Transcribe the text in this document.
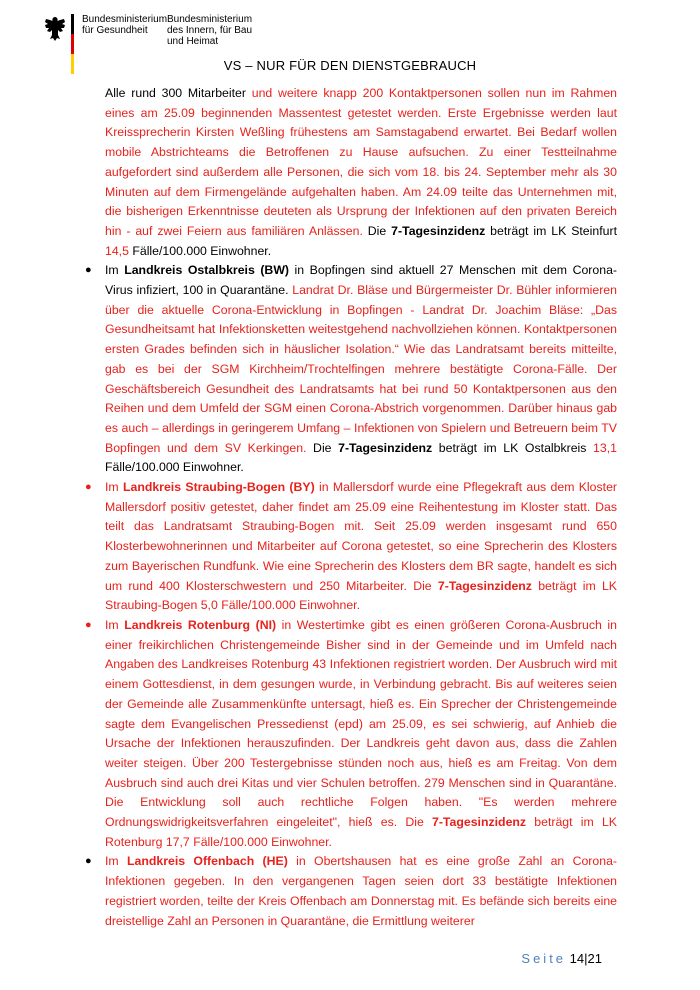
Bundesministerium
für Gesundheit
Bundesministerium
des Innern, für Bau
und Heimat
VS – NUR FÜR DEN DIENSTGEBRAUCH

Alle rund 300 Mitarbeiter und weitere knapp 200 Kontaktpersonen sollen nun im Rahmen eines am 25.09 beginnenden Massentest getestet werden. Erste Ergebnisse werden laut Kreissprecherin Kirsten Weßling frühestens am Samstagabend erwartet. Bei Bedarf wollen mobile Abstrichteams die Betroffenen zu Hause aufsuchen. Zu einer Testteilnahme aufgefordert sind außerdem alle Personen, die sich vom 18. bis 24. September mehr als 30 Minuten auf dem Firmengelände aufgehalten haben. Am 24.09 teilte das Unternehmen mit, die bisherigen Erkenntnisse deuteten als Ursprung der Infektionen auf den privaten Bereich hin - auf zwei Feiern aus familiären Anlässen. Die 7-Tagesinzidenz beträgt im LK Steinfurt 14,5 Fälle/100.000 Einwohner.

● Im Landkreis Ostalbkreis (BW) in Bopfingen sind aktuell 27 Menschen mit dem Corona-Virus infiziert, 100 in Quarantäne. Landrat Dr. Bläse und Bürgermeister Dr. Bühler informieren über die aktuelle Corona-Entwicklung in Bopfingen - Landrat Dr. Joachim Bläse: „Das Gesundheitsamt hat Infektionsketten weitestgehend nachvollziehen können. Kontaktpersonen ersten Grades befinden sich in häuslicher Isolation.“ Wie das Landratsamt bereits mitteilte, gab es bei der SGM Kirchheim/Trochtelfingen mehrere bestätigte Corona-Fälle. Der Geschäftsbereich Gesundheit des Landratsamts hat bei rund 50 Kontaktpersonen aus den Reihen und dem Umfeld der SGM einen Corona-Abstrich vorgenommen. Darüber hinaus gab es auch – allerdings in geringerem Umfang – Infektionen von Spielern und Betreuern beim TV Bopfingen und dem SV Kerkingen. Die 7-Tagesinzidenz beträgt im LK Ostalbkreis 13,1 Fälle/100.000 Einwohner.
● Im Landkreis Straubing-Bogen (BY) in Mallersdorf wurde eine Pflegekraft aus dem Kloster Mallersdorf positiv getestet, daher findet am 25.09 eine Reihentestung im Kloster statt. Das teilt das Landratsamt Straubing-Bogen mit. Seit 25.09 werden insgesamt rund 650 Klosterbewohnerinnen und Mitarbeiter auf Corona getestet, so eine Sprecherin des Klosters zum Bayerischen Rundfunk. Wie eine Sprecherin des Klosters dem BR sagte, handelt es sich um rund 400 Klosterschwestern und 250 Mitarbeiter. Die 7-Tagesinzidenz beträgt im LK Straubing-Bogen 5,0 Fälle/100.000 Einwohner.
● Im Landkreis Rotenburg (NI) in Westertimke gibt es einen größeren Corona-Ausbruch in einer freikirchlichen Christengemeinde Bisher sind in der Gemeinde und im Umfeld nach Angaben des Landkreises Rotenburg 43 Infektionen registriert worden. Der Ausbruch wird mit einem Gottesdienst, in dem gesungen wurde, in Verbindung gebracht. Bis auf weiteres seien der Gemeinde alle Zusammenkünfte untersagt, hieß es. Ein Sprecher der Christengemeinde sagte dem Evangelischen Pressedienst (epd) am 25.09, es sei schwierig, auf Anhieb die Ursache der Infektionen herauszufinden. Der Landkreis geht davon aus, dass die Zahlen weiter steigen. Über 200 Testergebnisse stünden noch aus, hieß es am Freitag. Von dem Ausbruch sind auch drei Kitas und vier Schulen betroffen. 279 Menschen sind in Quarantäne. Die Entwicklung soll auch rechtliche Folgen haben. "Es werden mehrere Ordnungswidrigkeitsverfahren eingeleitet", hieß es. Die 7-Tagesinzidenz beträgt im LK Rotenburg 17,7 Fälle/100.000 Einwohner.
● Im Landkreis Offenbach (HE) in Obertshausen hat es eine große Zahl an Corona-Infektionen gegeben. In den vergangenen Tagen seien dort 33 bestätigte Infektionen registriert worden, teilte der Kreis Offenbach am Donnerstag mit. Es befände sich bereits eine dreistellige Zahl an Personen in Quarantäne, die Ermittlung weiterer
Seite 14|21
